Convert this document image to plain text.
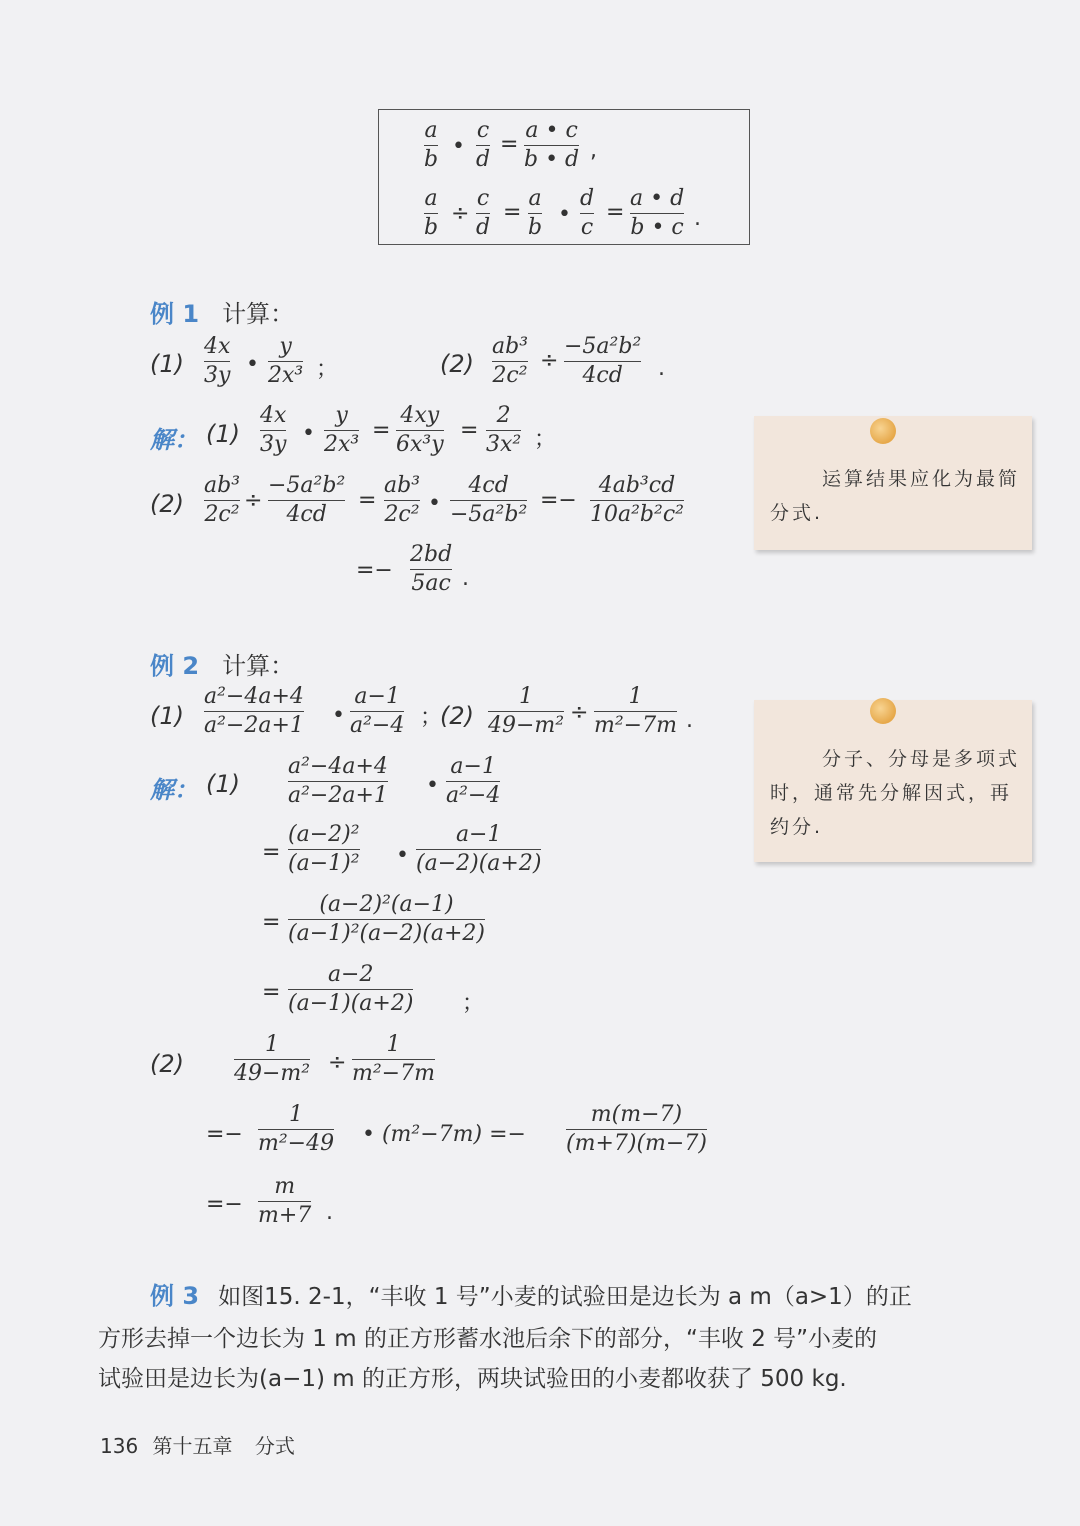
a
b
•
c
d
=
a • c
b • d ,
a
b
÷
c
d
=
a
b
•
d
c
=
a • d
b • c .
例 1 计算：
(1)
4x
3y •
y
2x³ ；	(2)
ab³
2c²
÷
−5a²b²
4cd .
解： (1)
4x
3y •
y
2x³
=
4xy
6x³y
=
2
3x² ；
(2)
ab³
2c²
÷
−5a²b²
4cd
=
ab³
2c² •
4cd
−5a²b²
=−
4ab³cd
10a²b²c²
=−
2bd
5ac .
运算结果应化为最简分式.
例 2 计算：
(1)
a²−4a+4
a²−2a+1 •
a−1
a²−4 ；
(2)
1
49−m²
÷
1
m²−7m .
解： (1)
a²−4a+4
a²−2a+1 •
a−1
a²−4
=
(a−2)²
(a−1)² •
a−1
(a−2)(a+2)
=
(a−2)²(a−1)
(a−1)²(a−2)(a+2)
=
a−2
(a−1)(a+2) ；
(2)
1
49−m² ÷
1
m²−7m
=−
1
m²−49 • (m²−7m) =−
m(m−7)
(m+7)(m−7)
=−
m
m+7 .
分子、分母是多项式时，通常先分解因式，再约分.
例 3 如图15. 2-1，“丰收 1 号”小麦的试验田是边长为 a m（a>1）的正
方形去掉一个边长为 1 m 的正方形蓄水池后余下的部分，“丰收 2 号”小麦的
试验田是边长为(a−1) m 的正方形，两块试验田的小麦都收获了 500 kg.
136 第十五章 分式
